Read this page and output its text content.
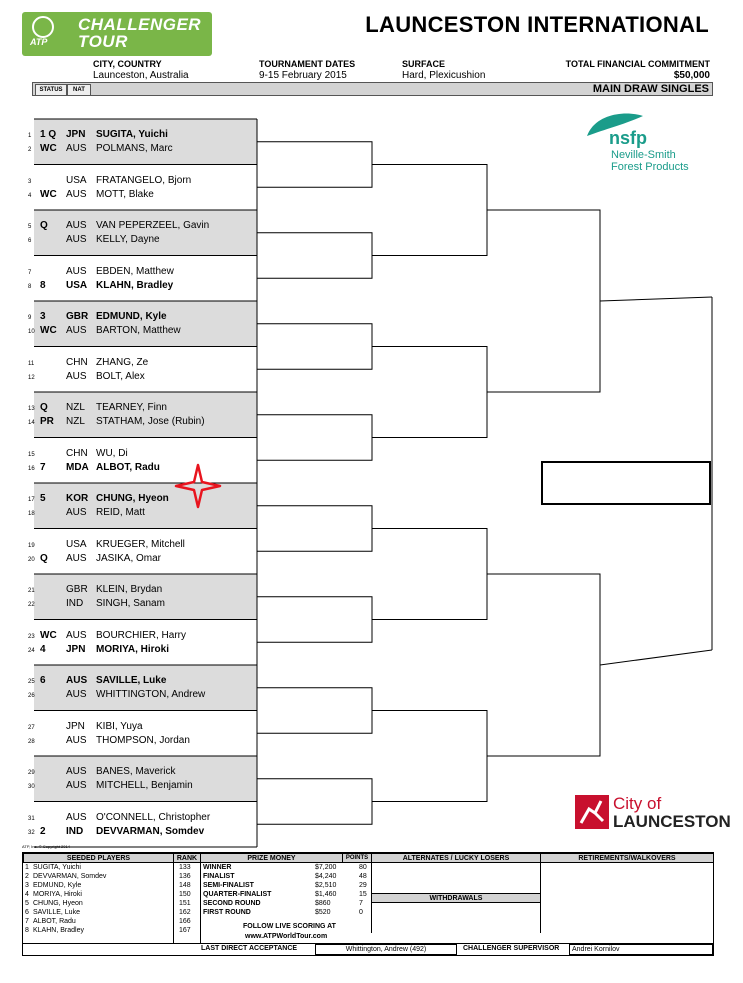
ATP
CHALLENGER
TOUR
LAUNCESTON INTERNATIONAL
CITY, COUNTRY
Launceston, Australia
TOURNAMENT DATES
9-15 February 2015
SURFACE
Hard, Plexicushion
TOTAL FINANCIAL COMMITMENT
$50,000
STATUS	NAT	MAIN DRAW SINGLES
1 1 Q JPN SUGITA, Yuichi
2 WC AUS POLMANS, Marc
3	USA FRATANGELO, Bjorn
4 WC AUS MOTT, Blake
5 Q AUS VAN PEPERZEEL, Gavin
6	AUS KELLY, Dayne
7	AUS EBDEN, Matthew
8 8 USA KLAHN, Bradley
9 3 GBR EDMUND, Kyle
10 WC AUS BARTON, Matthew
11	CHN ZHANG, Ze
12	AUS BOLT, Alex
13 Q NZL TEARNEY, Finn
14 PR NZL STATHAM, Jose (Rubin)
15	CHN WU, Di
16 7 MDA ALBOT, Radu
17 5 KOR CHUNG, Hyeon
18	AUS REID, Matt
19	USA KRUEGER, Mitchell
20 Q AUS JASIKA, Omar
21	GBR KLEIN, Brydan
22	IND SINGH, Sanam
23 WC AUS BOURCHIER, Harry
24 4 JPN MORIYA, Hiroki
25 6 AUS SAVILLE, Luke
26	AUS WHITTINGTON, Andrew
27	JPN KIBI, Yuya
28	AUS THOMPSON, Jordan
29	AUS BANES, Maverick
30	AUS MITCHELL, Benjamin
31	AUS O'CONNELL, Christopher
32 2 IND DEVVARMAN, Somdev
nsfp
Neville-Smith
Forest Products
City of
LAUNCESTON
ATP, Inc. © Copyright 2014
SEEDED PLAYERS	RANK	PRIZE MONEY	POINTS	ALTERNATES / LUCKY LOSERS	RETIREMENTS/WALKOVERS
WITHDRAWALS
1 SUGITA, Yuichi	133
2 DEVVARMAN, Somdev	136
3 EDMUND, Kyle	148
4 MORIYA, Hiroki	150
5 CHUNG, Hyeon	151
6 SAVILLE, Luke	162
7 ALBOT, Radu	166
8 KLAHN, Bradley	167
WINNER	$7,200	80
FINALIST	$4,240	48
SEMI-FINALIST	$2,510	29
QUARTER-FINALIST	$1,460	15
SECOND ROUND	$860	7
FIRST ROUND	$520	0
FOLLOW LIVE SCORING AT
www.ATPWorldTour.com
LAST DIRECT ACCEPTANCE	Whittington, Andrew (492)	CHALLENGER SUPERVISOR	Andrei Kornilov
